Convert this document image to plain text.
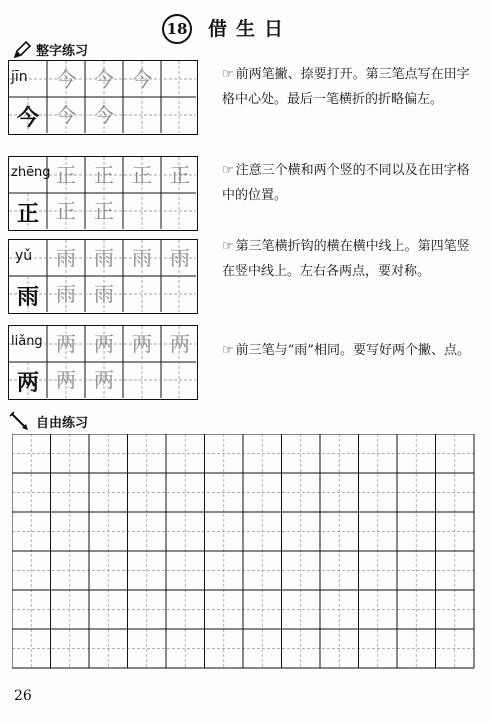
18 借生日
整字练习
jīn
今
今 今 今
今 今
☞ 前两笔撇、捺要打开。第三笔点写在田字格中心处。最后一笔横折的折略偏左。
zhēng
正
正 正 正 正
正 正
☞ 注意三个横和两个竖的不同以及在田字格中的位置。
yǔ
雨
雨 雨 雨 雨
雨 雨
☞ 第三笔横折钩的横在横中线上。第四笔竖在竖中线上。左右各两点，要对称。
liǎng
两
两 两 两 两
两 两
☞ 前三笔与“雨”相同。要写好两个撇、点。
自由练习
26
